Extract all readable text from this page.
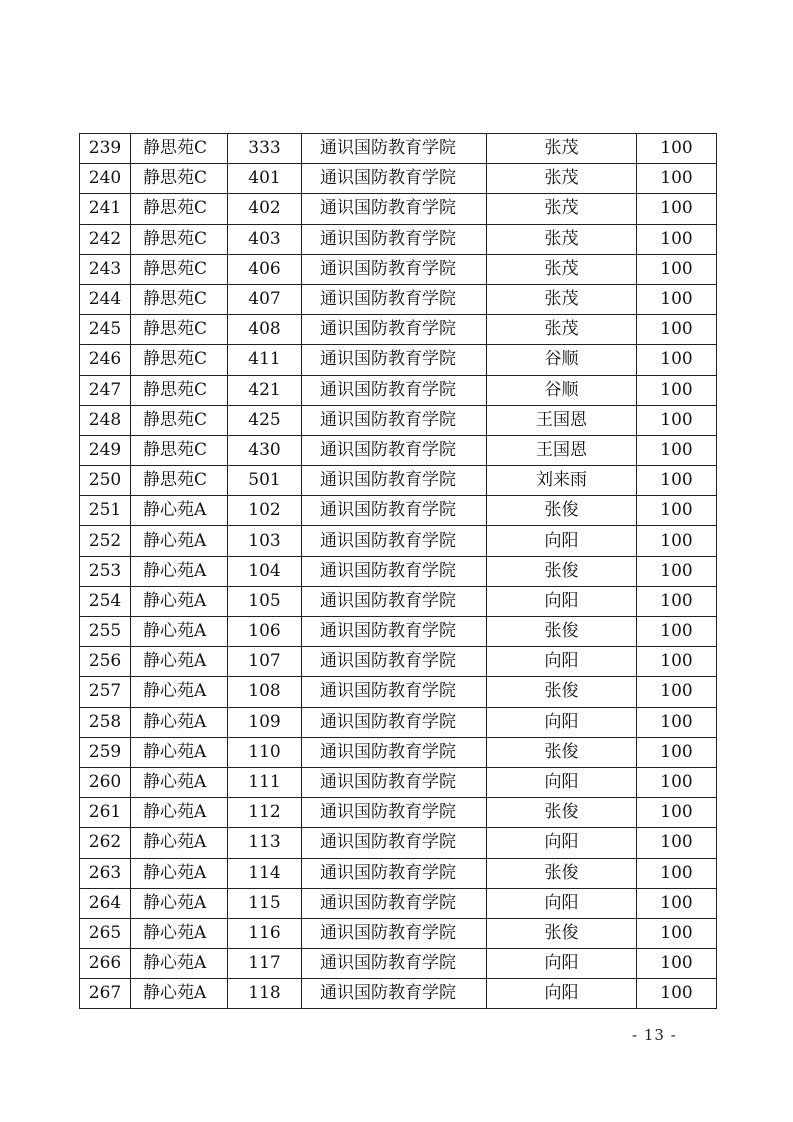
239	静思苑C	333	通识国防教育学院	张茂	100
240	静思苑C	401	通识国防教育学院	张茂	100
241	静思苑C	402	通识国防教育学院	张茂	100
242	静思苑C	403	通识国防教育学院	张茂	100
243	静思苑C	406	通识国防教育学院	张茂	100
244	静思苑C	407	通识国防教育学院	张茂	100
245	静思苑C	408	通识国防教育学院	张茂	100
246	静思苑C	411	通识国防教育学院	谷顺	100
247	静思苑C	421	通识国防教育学院	谷顺	100
248	静思苑C	425	通识国防教育学院	王国恩	100
249	静思苑C	430	通识国防教育学院	王国恩	100
250	静思苑C	501	通识国防教育学院	刘来雨	100
251	静心苑A	102	通识国防教育学院	张俊	100
252	静心苑A	103	通识国防教育学院	向阳	100
253	静心苑A	104	通识国防教育学院	张俊	100
254	静心苑A	105	通识国防教育学院	向阳	100
255	静心苑A	106	通识国防教育学院	张俊	100
256	静心苑A	107	通识国防教育学院	向阳	100
257	静心苑A	108	通识国防教育学院	张俊	100
258	静心苑A	109	通识国防教育学院	向阳	100
259	静心苑A	110	通识国防教育学院	张俊	100
260	静心苑A	111	通识国防教育学院	向阳	100
261	静心苑A	112	通识国防教育学院	张俊	100
262	静心苑A	113	通识国防教育学院	向阳	100
263	静心苑A	114	通识国防教育学院	张俊	100
264	静心苑A	115	通识国防教育学院	向阳	100
265	静心苑A	116	通识国防教育学院	张俊	100
266	静心苑A	117	通识国防教育学院	向阳	100
267	静心苑A	118	通识国防教育学院	向阳	100
- 13 -
